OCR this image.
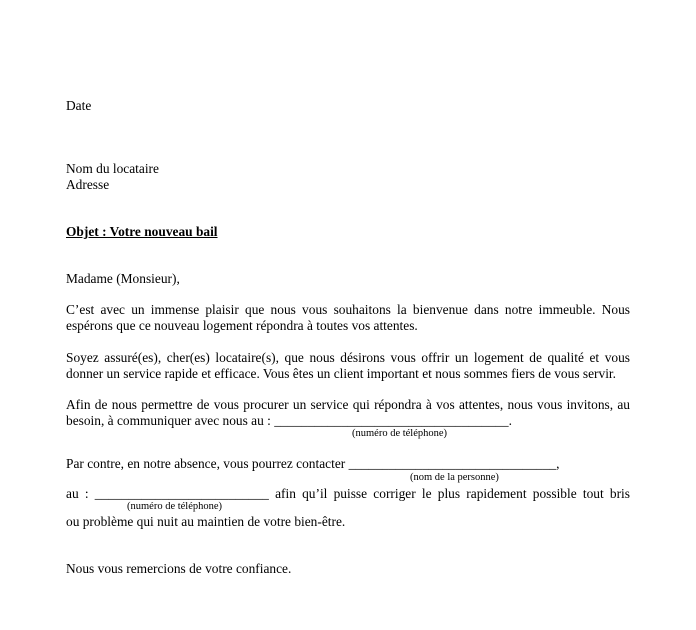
Date
Nom du locataire
Adresse
Objet : Votre nouveau bail
Madame (Monsieur),
C’est avec un immense plaisir que nous vous souhaitons la bienvenue dans notre immeuble. Nous
espérons que ce nouveau logement répondra à toutes vos attentes.
Soyez assuré(es), cher(es) locataire(s), que nous désirons vous offrir un logement de qualité et vous
donner un service rapide et efficace. Vous êtes un client important et nous sommes fiers de vous servir.
Afin de nous permettre de vous procurer un service qui répondra à vos attentes, nous vous invitons, au
besoin, à communiquer avec nous au : ___________________________________.
(numéro de téléphone)
Par contre, en notre absence, vous pourrez contacter _______________________________,
(nom de la personne)
au : __________________________ afin qu’il puisse corriger le plus rapidement possible tout bris
(numéro de téléphone)
ou problème qui nuit au maintien de votre bien-être.
Nous vous remercions de votre confiance.
